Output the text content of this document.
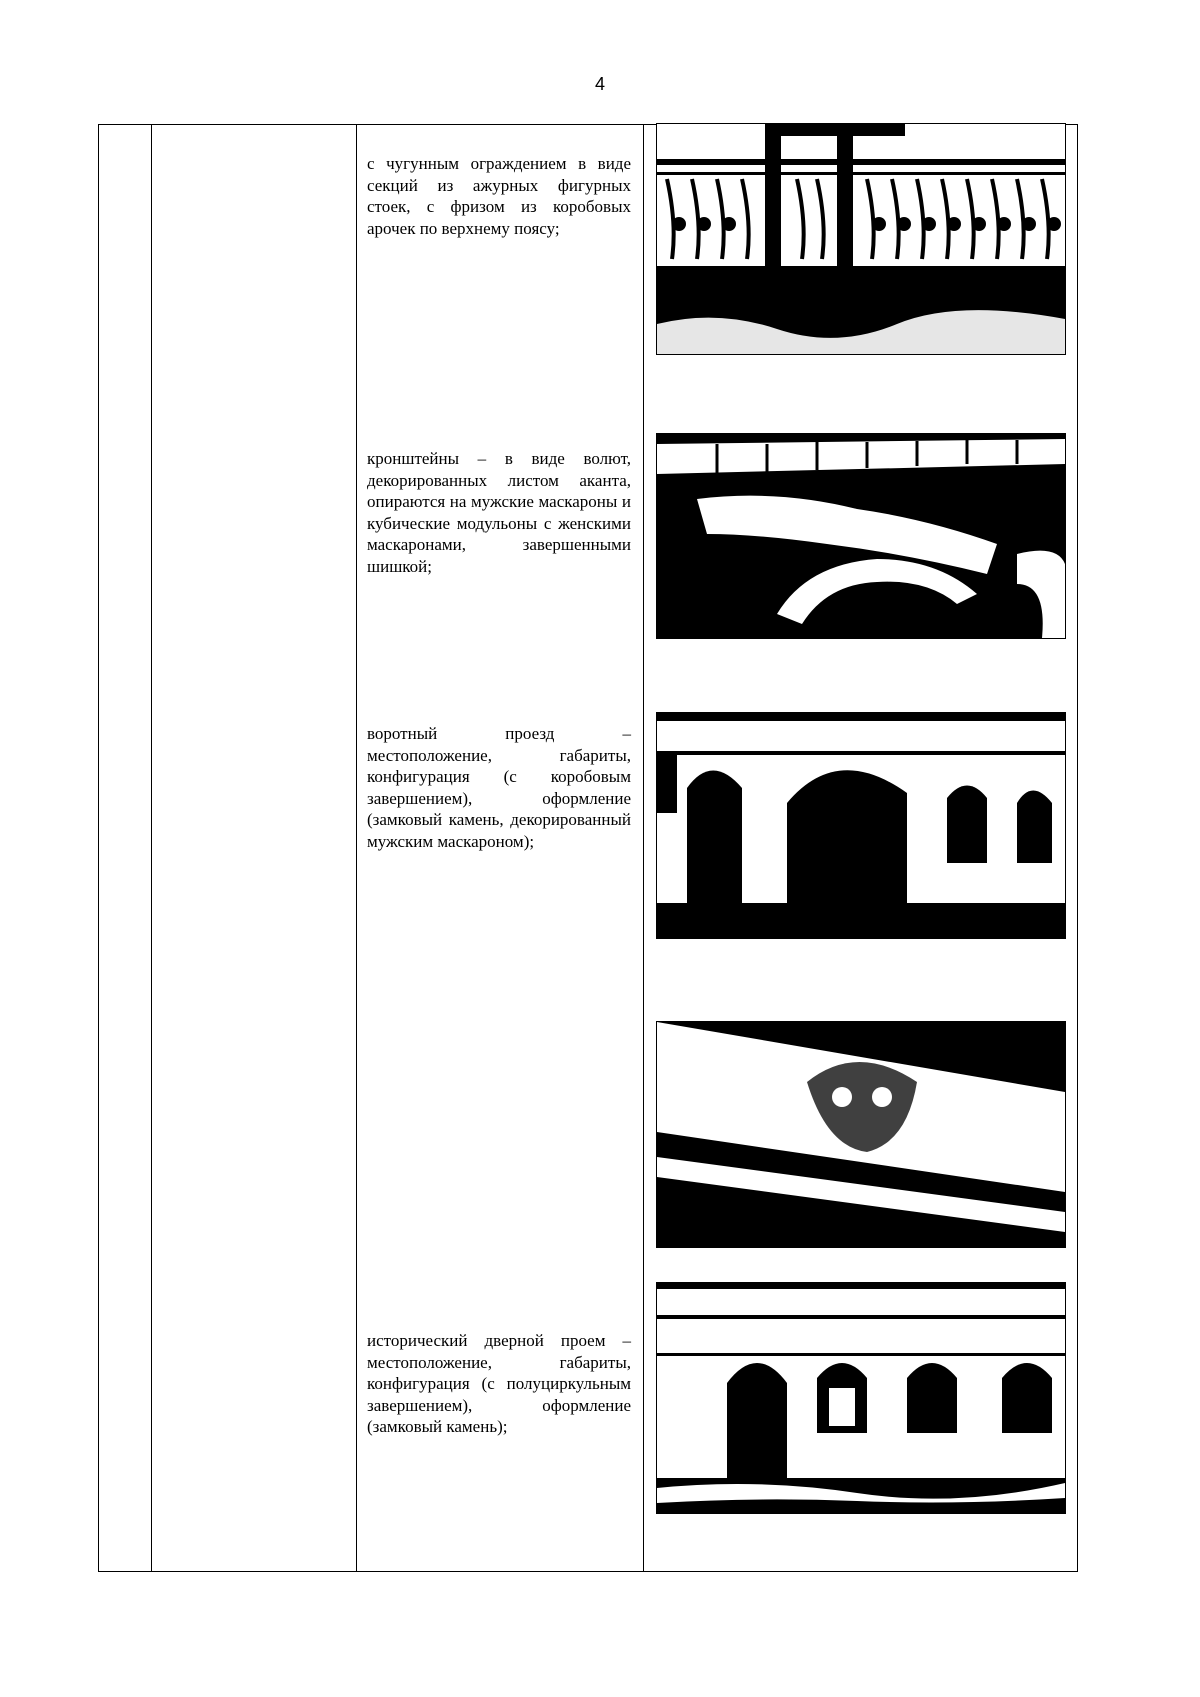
4
с чугунным ограждением в виде секций из ажурных фигурных стоек, с фризом из коробовых арочек по верхнему поясу;
кронштейны – в виде волют, декорированных листом аканта, опираются на мужские маскароны и кубические модульоны с женскими маскаронами, завершенными шишкой;
воротный проезд – местоположение, габариты, конфигурация (с коробовым завершением), оформление (замковый камень, декорированный мужским маскароном);
исторический дверной проем – местоположение, габариты, конфигурация (с полуциркульным завершением), оформление (замковый камень);
